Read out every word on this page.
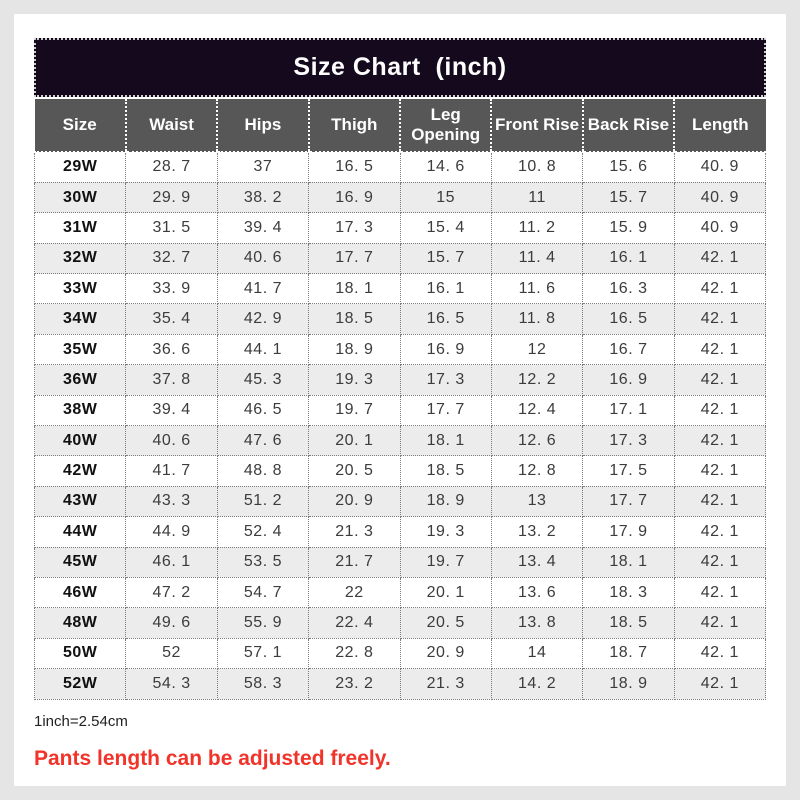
Size Chart  (inch)
Size	Waist	Hips	Thigh	Leg Opening	Front Rise	Back Rise	Length
29W	28. 7	37	16. 5	14. 6	10. 8	15. 6	40. 9
30W	29. 9	38. 2	16. 9	15	11	15. 7	40. 9
31W	31. 5	39. 4	17. 3	15. 4	11. 2	15. 9	40. 9
32W	32. 7	40. 6	17. 7	15. 7	11. 4	16. 1	42. 1
33W	33. 9	41. 7	18. 1	16. 1	11. 6	16. 3	42. 1
34W	35. 4	42. 9	18. 5	16. 5	11. 8	16. 5	42. 1
35W	36. 6	44. 1	18. 9	16. 9	12	16. 7	42. 1
36W	37. 8	45. 3	19. 3	17. 3	12. 2	16. 9	42. 1
38W	39. 4	46. 5	19. 7	17. 7	12. 4	17. 1	42. 1
40W	40. 6	47. 6	20. 1	18. 1	12. 6	17. 3	42. 1
42W	41. 7	48. 8	20. 5	18. 5	12. 8	17. 5	42. 1
43W	43. 3	51. 2	20. 9	18. 9	13	17. 7	42. 1
44W	44. 9	52. 4	21. 3	19. 3	13. 2	17. 9	42. 1
45W	46. 1	53. 5	21. 7	19. 7	13. 4	18. 1	42. 1
46W	47. 2	54. 7	22	20. 1	13. 6	18. 3	42. 1
48W	49. 6	55. 9	22. 4	20. 5	13. 8	18. 5	42. 1
50W	52	57. 1	22. 8	20. 9	14	18. 7	42. 1
52W	54. 3	58. 3	23. 2	21. 3	14. 2	18. 9	42. 1
1inch=2.54cm
Pants length can be adjusted freely.
